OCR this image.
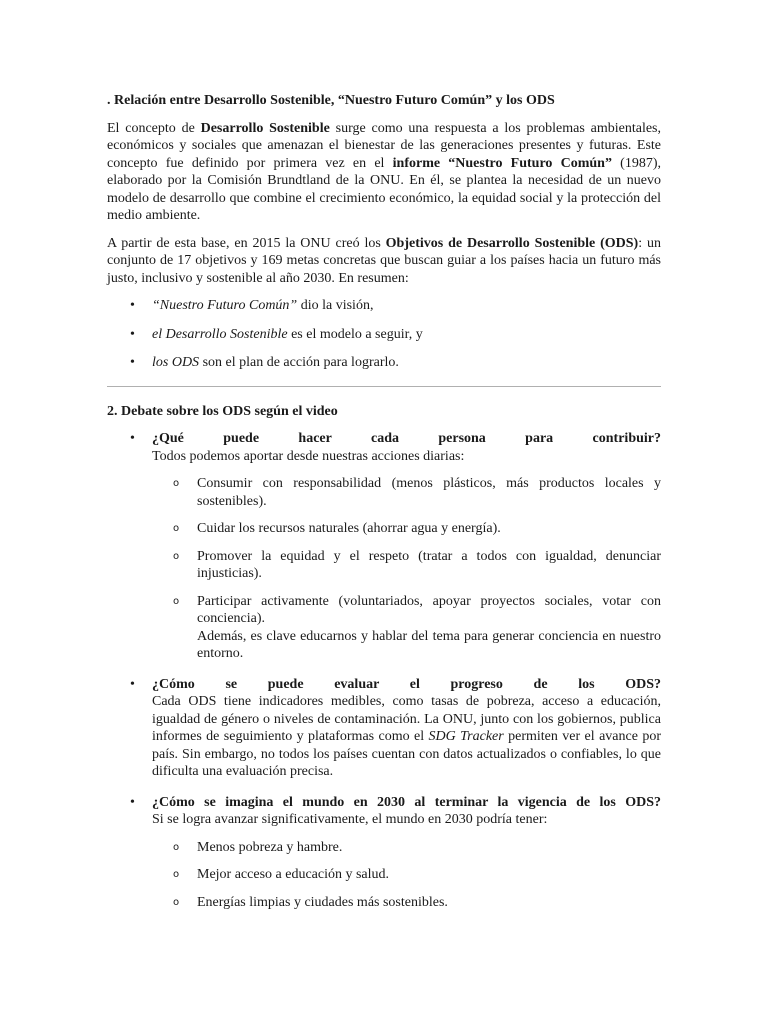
. Relación entre Desarrollo Sostenible, “Nuestro Futuro Común” y los ODS

El concepto de Desarrollo Sostenible surge como una respuesta a los problemas ambientales, económicos y sociales que amenazan el bienestar de las generaciones presentes y futuras. Este concepto fue definido por primera vez en el informe “Nuestro Futuro Común” (1987), elaborado por la Comisión Brundtland de la ONU. En él, se plantea la necesidad de un nuevo modelo de desarrollo que combine el crecimiento económico, la equidad social y la protección del medio ambiente.

A partir de esta base, en 2015 la ONU creó los Objetivos de Desarrollo Sostenible (ODS): un conjunto de 17 objetivos y 169 metas concretas que buscan guiar a los países hacia un futuro más justo, inclusivo y sostenible al año 2030. En resumen:

• “Nuestro Futuro Común” dio la visión,
• el Desarrollo Sostenible es el modelo a seguir, y
• los ODS son el plan de acción para lograrlo.
2. Debate sobre los ODS según el video
• ¿Qué puede hacer cada persona para contribuir?
Todos podemos aportar desde nuestras acciones diarias:
o Consumir con responsabilidad (menos plásticos, más productos locales y sostenibles).
o Cuidar los recursos naturales (ahorrar agua y energía).
o Promover la equidad y el respeto (tratar a todos con igualdad, denunciar injusticias).
o Participar activamente (voluntariados, apoyar proyectos sociales, votar con conciencia).
Además, es clave educarnos y hablar del tema para generar conciencia en nuestro entorno.
• ¿Cómo se puede evaluar el progreso de los ODS?
Cada ODS tiene indicadores medibles, como tasas de pobreza, acceso a educación, igualdad de género o niveles de contaminación. La ONU, junto con los gobiernos, publica informes de seguimiento y plataformas como el SDG Tracker permiten ver el avance por país. Sin embargo, no todos los países cuentan con datos actualizados o confiables, lo que dificulta una evaluación precisa.
• ¿Cómo se imagina el mundo en 2030 al terminar la vigencia de los ODS?
Si se logra avanzar significativamente, el mundo en 2030 podría tener:
o Menos pobreza y hambre.
o Mejor acceso a educación y salud.
o Energías limpias y ciudades más sostenibles.
